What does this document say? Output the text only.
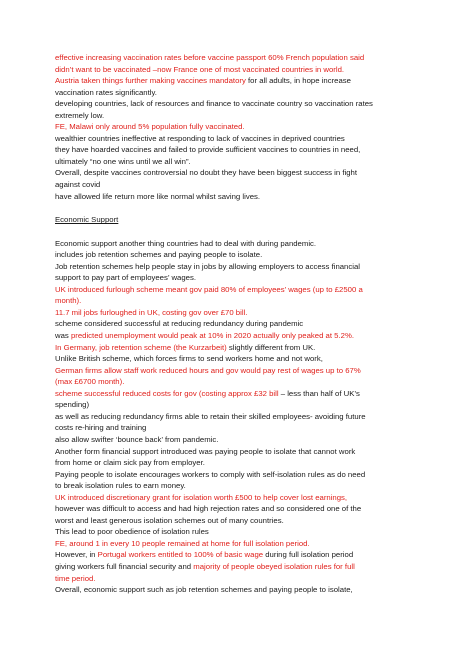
effective increasing vaccination rates before vaccine passport 60% French population said

didn’t want to be vaccinated –now France one of most vaccinated countries in world.

Austria taken things further making vaccines mandatory for all adults, in hope increase

vaccination rates significantly.

developing countries, lack of resources and finance to vaccinate country so vaccination rates

extremely low.

FE, Malawi only around 5% population fully vaccinated.

wealthier countries ineffective at responding to lack of vaccines in deprived countries

they have hoarded vaccines and failed to provide sufficient vaccines to countries in need,

ultimately “no one wins until we all win”.

Overall, despite vaccines controversial no doubt they have been biggest success in fight

against covid

have allowed life return more like normal whilst saving lives.

Economic Support

Economic support another thing countries had to deal with during pandemic.

includes job retention schemes and paying people to isolate.

Job retention schemes help people stay in jobs by allowing employers to access financial

support to pay part of employees’ wages.

UK introduced furlough scheme meant gov paid 80% of employees’ wages (up to £2500 a

month).

11.7 mil jobs furloughed in UK, costing gov over £70 bill.

scheme considered successful at reducing redundancy during pandemic

was predicted unemployment would peak at 10% in 2020 actually only peaked at 5.2%.

In Germany, job retention scheme (the Kurzarbeit) slightly different from UK.

Unlike British scheme, which forces firms to send workers home and not work,

German firms allow staff work reduced hours and gov would pay rest of wages up to 67%

(max £6700 month).

scheme successful reduced costs for gov (costing approx £32 bill – less than half of UK’s

spending)

as well as reducing redundancy firms able to retain their skilled employees- avoiding future

costs re-hiring and training

also allow swifter ‘bounce back’ from pandemic.

Another form financial support introduced was paying people to isolate that cannot work

from home or claim sick pay from employer.

Paying people to isolate encourages workers to comply with self-isolation rules as do need

to break isolation rules to earn money.

UK introduced discretionary grant for isolation worth £500 to help cover lost earnings,

however was difficult to access and had high rejection rates and so considered one of the

worst and least generous isolation schemes out of many countries.

This lead to poor obedience of isolation rules

FE, around 1 in every 10 people remained at home for full isolation period.

However, in Portugal workers entitled to 100% of basic wage during full isolation period

giving workers full financial security and majority of people obeyed isolation rules for full

time period.

Overall, economic support such as job retention schemes and paying people to isolate,
